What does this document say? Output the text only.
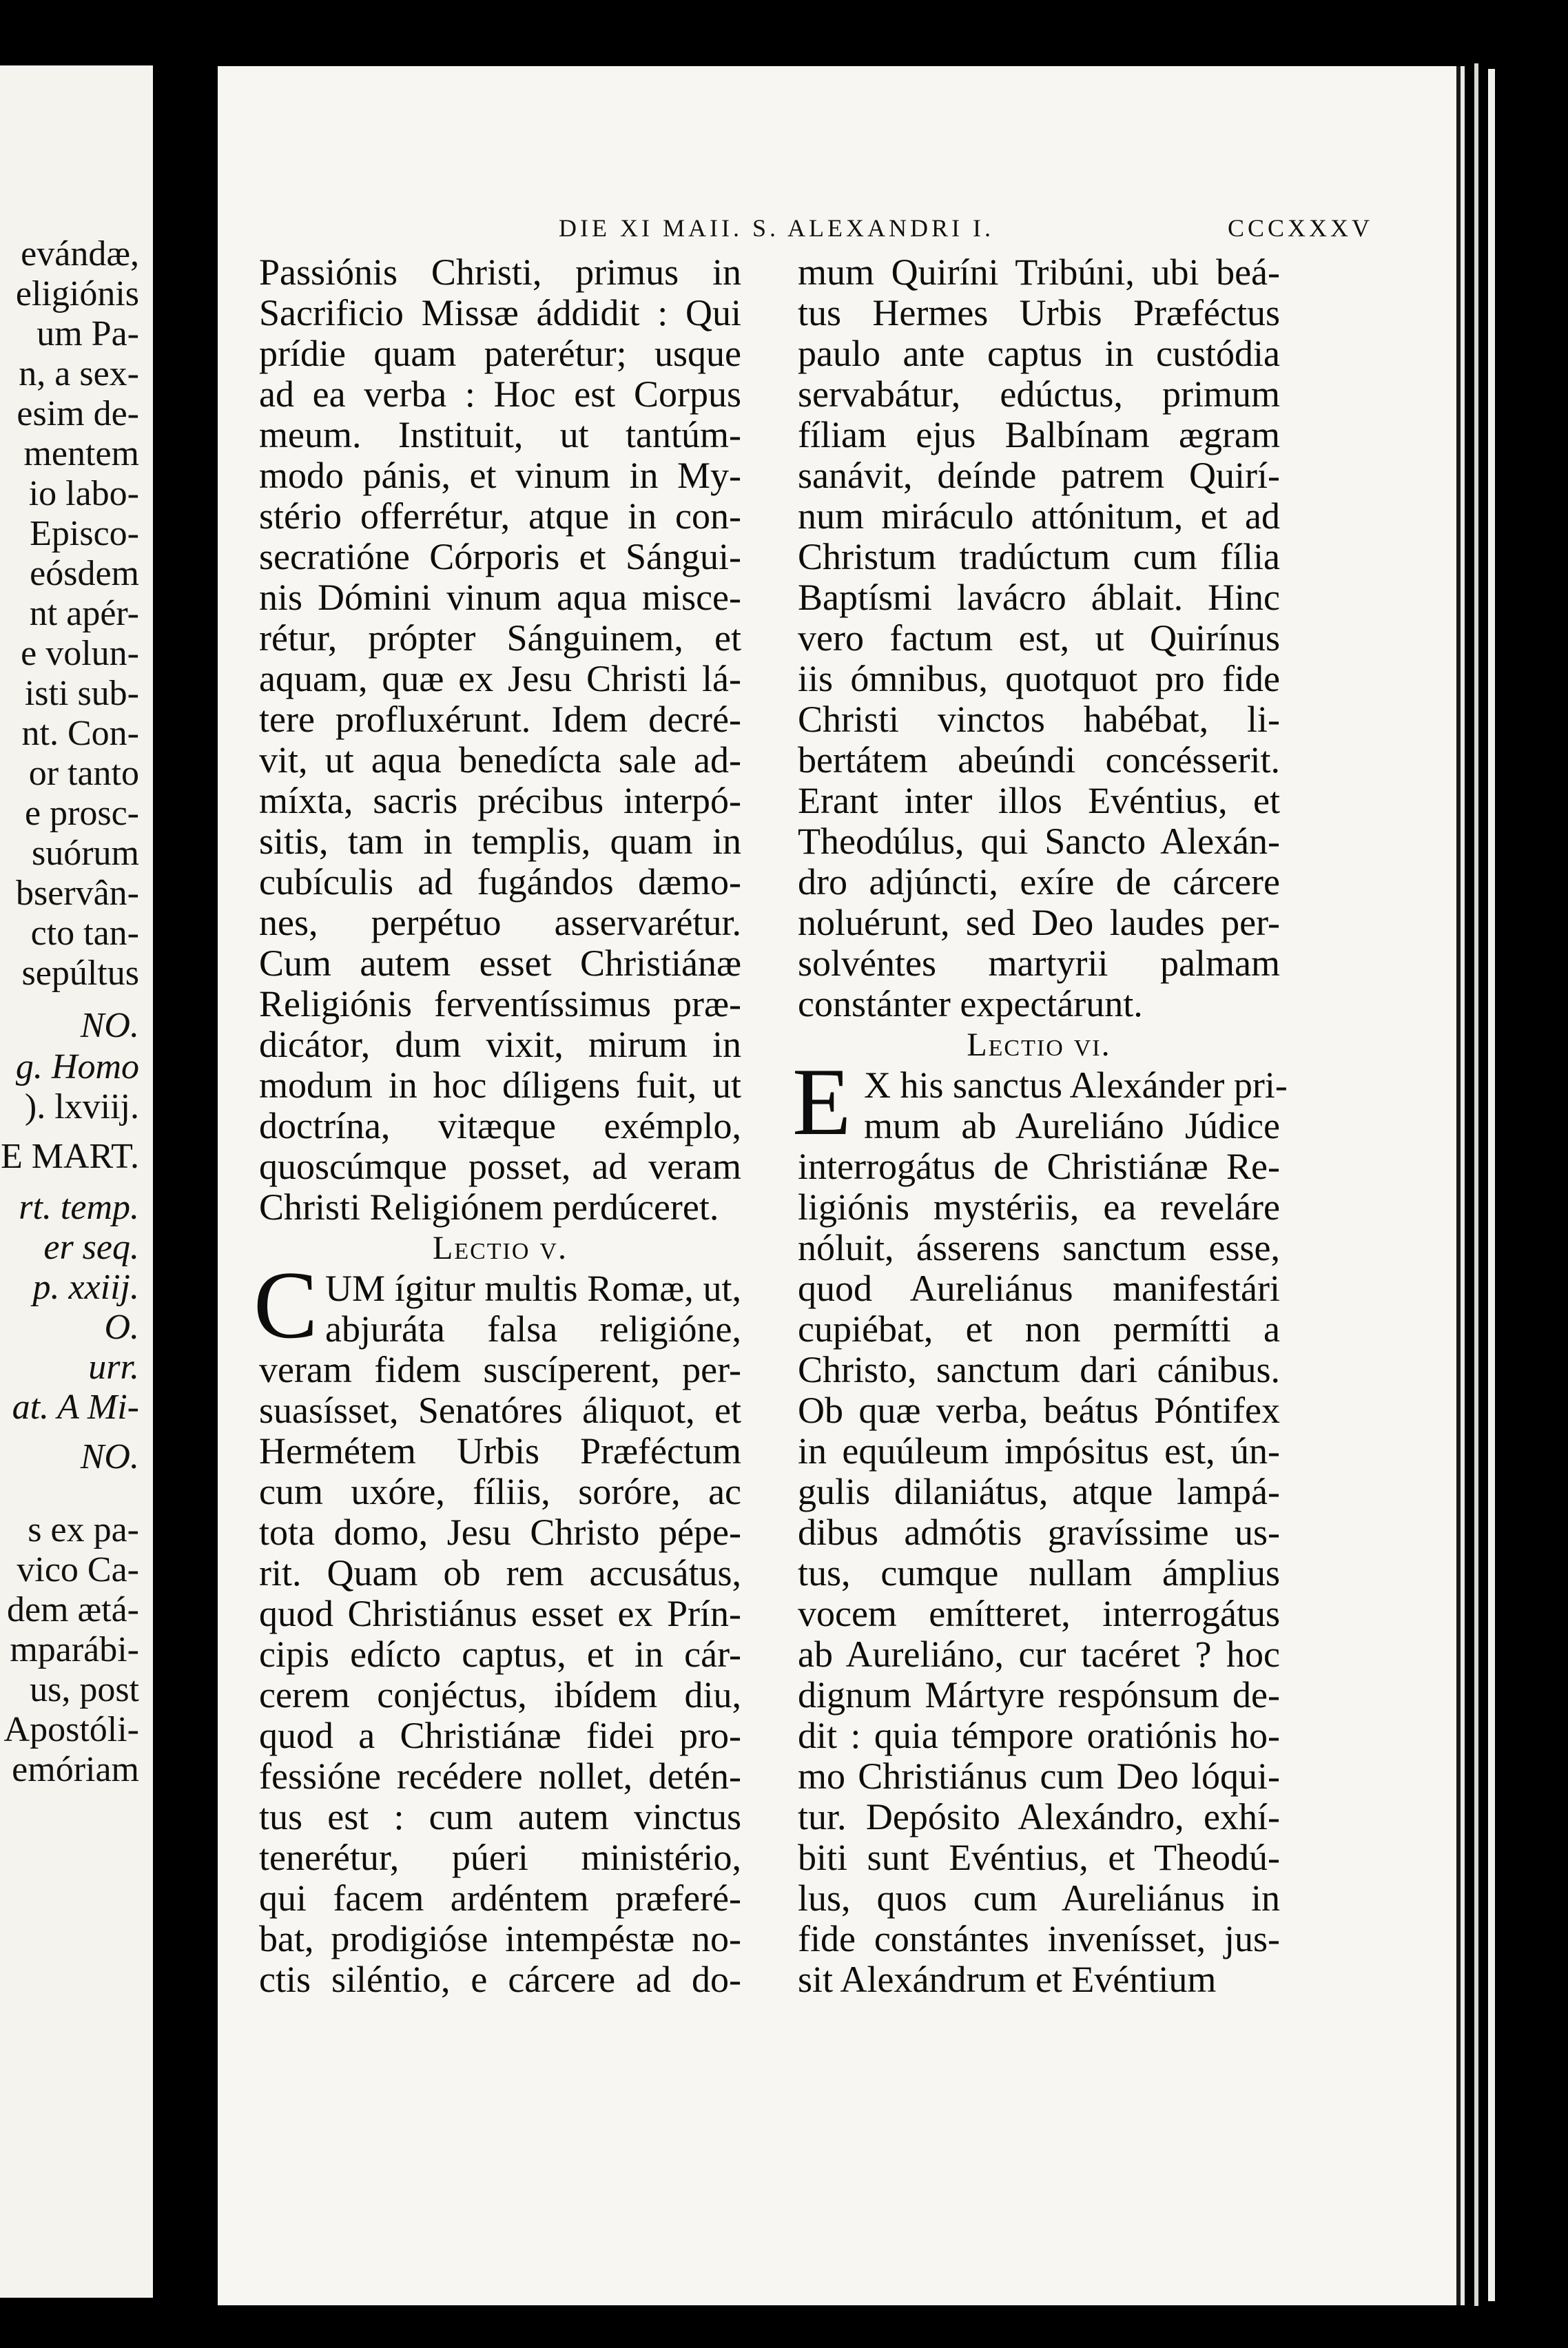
evándæ,
eligiónis
um Pa-
n, a sex-
esim de-
mentem
io labo-
Episco-
eósdem
nt apér-
e volun-
isti sub-
nt. Con-
or tanto
e prosc-
suórum
bservân-
cto tan-
sepúltus
NO.
g. Homo
). lxviij.
E MART.
rt. temp.
er seq.
p. xxiij.
O.
urr.
at. A Mi-
NO.
s ex pa-
vico Ca-
dem ætá-
mparábi-
us, post
Apostóli-
emóriam
DIE XI MAII. S. ALEXANDRI I.	CCCXXXV
Passiónis Christi, primus in
Sacrificio Missæ áddidit : Qui
prídie quam paterétur; usque
ad ea verba : Hoc est Corpus
meum. Instituit, ut tantúm-
modo pánis, et vinum in My-
stério offerrétur, atque in con-
secratióne Córporis et Sángui-
nis Dómini vinum aqua misce-
rétur, própter Sánguinem, et
aquam, quæ ex Jesu Christi lá-
tere profluxérunt. Idem decré-
vit, ut aqua benedícta sale ad-
míxta, sacris précibus interpó-
sitis, tam in templis, quam in
cubículis ad fugándos dæmo-
nes, perpétuo asservarétur.
Cum autem esset Christiánæ
Religiónis ferventíssimus præ-
dicátor, dum vixit, mirum in
modum in hoc díligens fuit, ut
doctrína, vitæque exémplo,
quoscúmque posset, ad veram
Christi Religiónem perdúceret.
Lectio v.
C UM ígitur multis Romæ, ut,
abjuráta falsa religióne,
veram fidem suscíperent, per-
suasísset, Senatóres áliquot, et
Hermétem Urbis Præféctum
cum uxóre, fíliis, soróre, ac
tota domo, Jesu Christo pépe-
rit. Quam ob rem accusátus,
quod Christiánus esset ex Prín-
cipis edícto captus, et in cár-
cerem conjéctus, ibídem diu,
quod a Christiánæ fidei pro-
fessióne recédere nollet, detén-
tus est : cum autem vinctus
tenerétur, púeri ministério,
qui facem ardéntem præferé-
bat, prodigióse intempéstæ no-
ctis siléntio, e cárcere ad do-
mum Quiríni Tribúni, ubi beá-
tus Hermes Urbis Præféctus
paulo ante captus in custódia
servabátur, edúctus, primum
fíliam ejus Balbínam ægram
sanávit, deínde patrem Quirí-
num miráculo attónitum, et ad
Christum tradúctum cum fília
Baptísmi lavácro áblait. Hinc
vero factum est, ut Quirínus
iis ómnibus, quotquot pro fide
Christi vinctos habébat, li-
bertátem abeúndi concésserit.
Erant inter illos Evéntius, et
Theodúlus, qui Sancto Alexán-
dro adjúncti, exíre de cárcere
noluérunt, sed Deo laudes per-
solvéntes martyrii palmam
constánter expectárunt.
Lectio vi.
E X his sanctus Alexánder pri-
mum ab Aureliáno Júdice
interrogátus de Christiánæ Re-
ligiónis mystériis, ea reveláre
nóluit, ásserens sanctum esse,
quod Aureliánus manifestári
cupiébat, et non permítti a
Christo, sanctum dari cánibus.
Ob quæ verba, beátus Póntifex
in equúleum impósitus est, ún-
gulis dilaniátus, atque lampá-
dibus admótis gravíssime us-
tus, cumque nullam ámplius
vocem emítteret, interrogátus
ab Aureliáno, cur tacéret ? hoc
dignum Mártyre respónsum de-
dit : quia témpore oratiónis ho-
mo Christiánus cum Deo lóqui-
tur. Depósito Alexándro, exhí-
biti sunt Evéntius, et Theodú-
lus, quos cum Aureliánus in
fide constántes invenísset, jus-
sit Alexándrum et Evéntium
